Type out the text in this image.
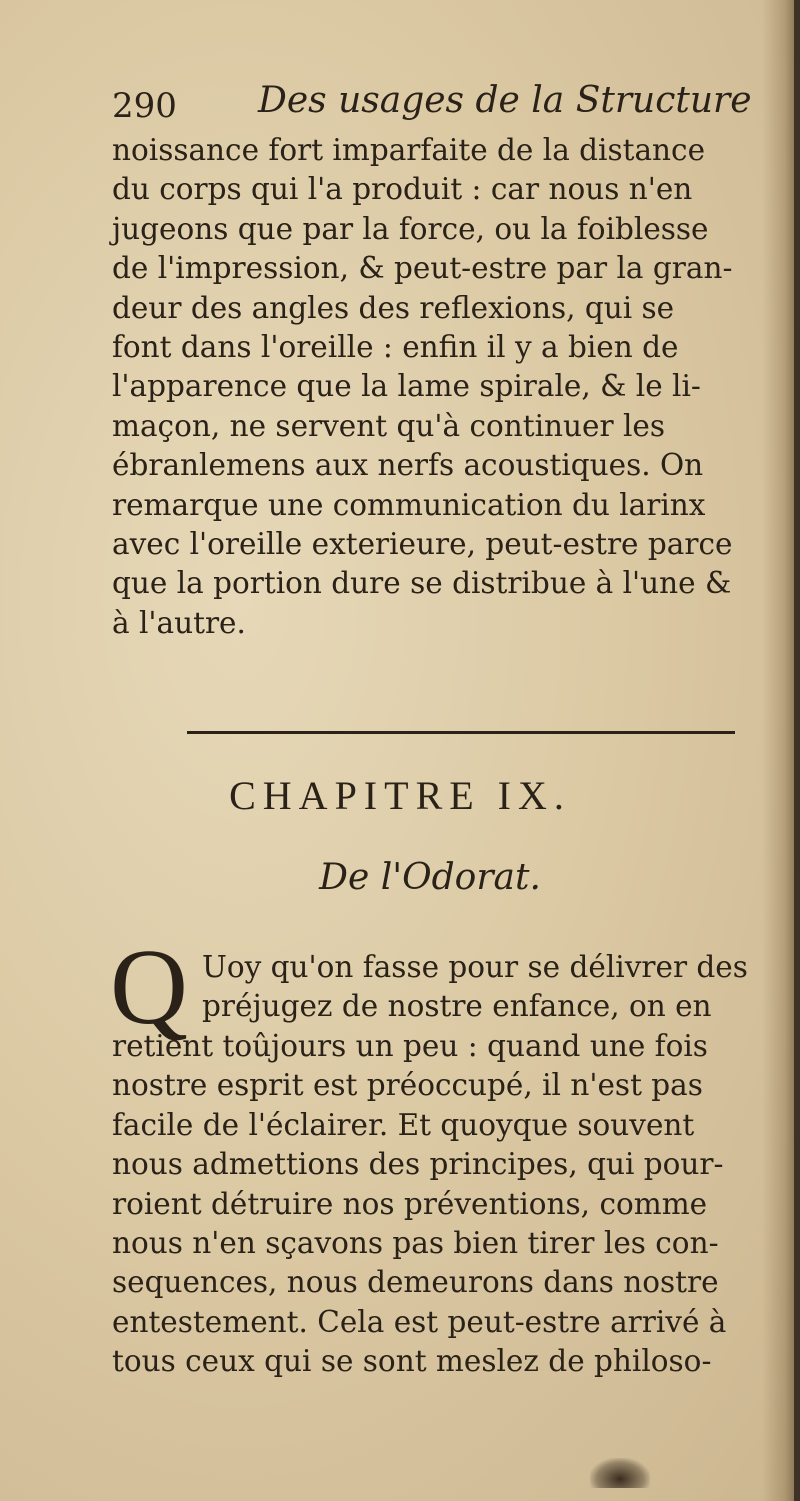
290 Des usages de la Structure

noissance fort imparfaite de la distance

du corps qui l'a produit : car nous n'en

jugeons que par la force, ou la foiblesse

de l'impression, & peut-estre par la gran-

deur des angles des reflexions, qui se

font dans l'oreille : enfin il y a bien de

l'apparence que la lame spirale, & le li-

maçon, ne servent qu'à continuer les

ébranlemens aux nerfs acoustiques. On

remarque une communication du larinx

avec l'oreille exterieure, peut-estre parce

que la portion dure se distribue à l'une &

à l'autre.

CHAPITRE IX.
De l'Odorat.
Q Uoy qu'on fasse pour se délivrer des

préjugez de nostre enfance, on en

retient toûjours un peu : quand une fois

nostre esprit est préoccupé, il n'est pas

facile de l'éclairer. Et quoyque souvent

nous admettions des principes, qui pour-

roient détruire nos préventions, comme

nous n'en sçavons pas bien tirer les con-

sequences, nous demeurons dans nostre

entestement. Cela est peut-estre arrivé à

tous ceux qui se sont meslez de philoso-
